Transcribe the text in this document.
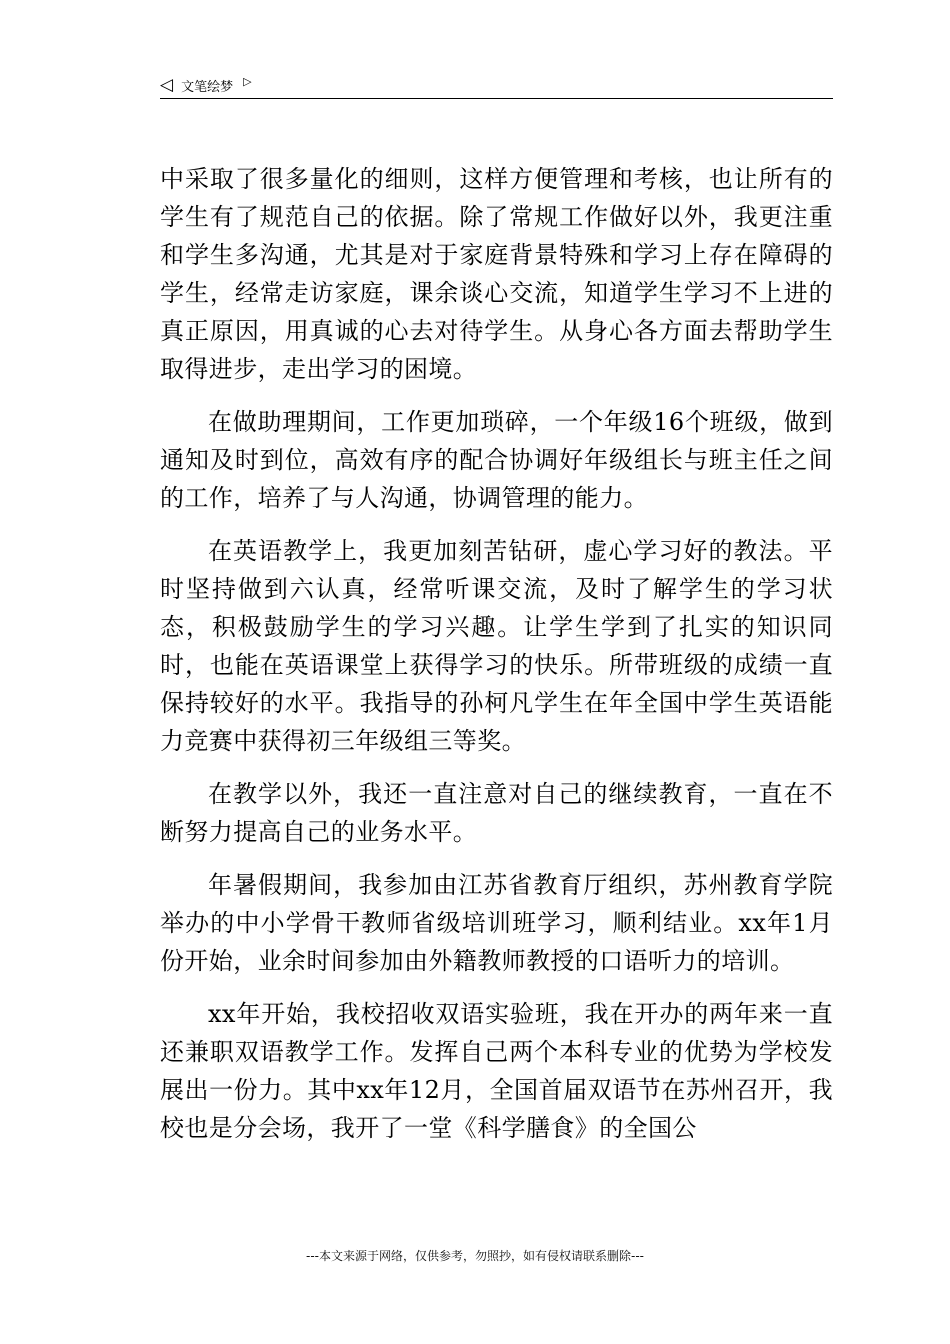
◁ 文笔绘梦 ▷

中采取了很多量化的细则，这样方便管理和考核，也让所有的学生有了规范自己的依据。除了常规工作做好以外，我更注重和学生多沟通，尤其是对于家庭背景特殊和学习上存在障碍的学生，经常走访家庭，课余谈心交流，知道学生学习不上进的真正原因，用真诚的心去对待学生。从身心各方面去帮助学生取得进步，走出学习的困境。

在做助理期间，工作更加琐碎，一个年级16个班级，做到通知及时到位，高效有序的配合协调好年级组长与班主任之间的工作，培养了与人沟通，协调管理的能力。

在英语教学上，我更加刻苦钻研，虚心学习好的教法。平时坚持做到六认真，经常听课交流，及时了解学生的学习状态，积极鼓励学生的学习兴趣。让学生学到了扎实的知识同时，也能在英语课堂上获得学习的快乐。所带班级的成绩一直保持较好的水平。我指导的孙柯凡学生在年全国中学生英语能力竞赛中获得初三年级组三等奖。

在教学以外，我还一直注意对自己的继续教育，一直在不断努力提高自己的业务水平。

年暑假期间，我参加由江苏省教育厅组织，苏州教育学院举办的中小学骨干教师省级培训班学习，顺利结业。xx年1月份开始，业余时间参加由外籍教师教授的口语听力的培训。

xx年开始，我校招收双语实验班，我在开办的两年来一直还兼职双语教学工作。发挥自己两个本科专业的优势为学校发展出一份力。其中xx年12月，全国首届双语节在苏州召开，我校也是分会场，我开了一堂《科学膳食》的全国公

---本文来源于网络，仅供参考，勿照抄，如有侵权请联系删除---
